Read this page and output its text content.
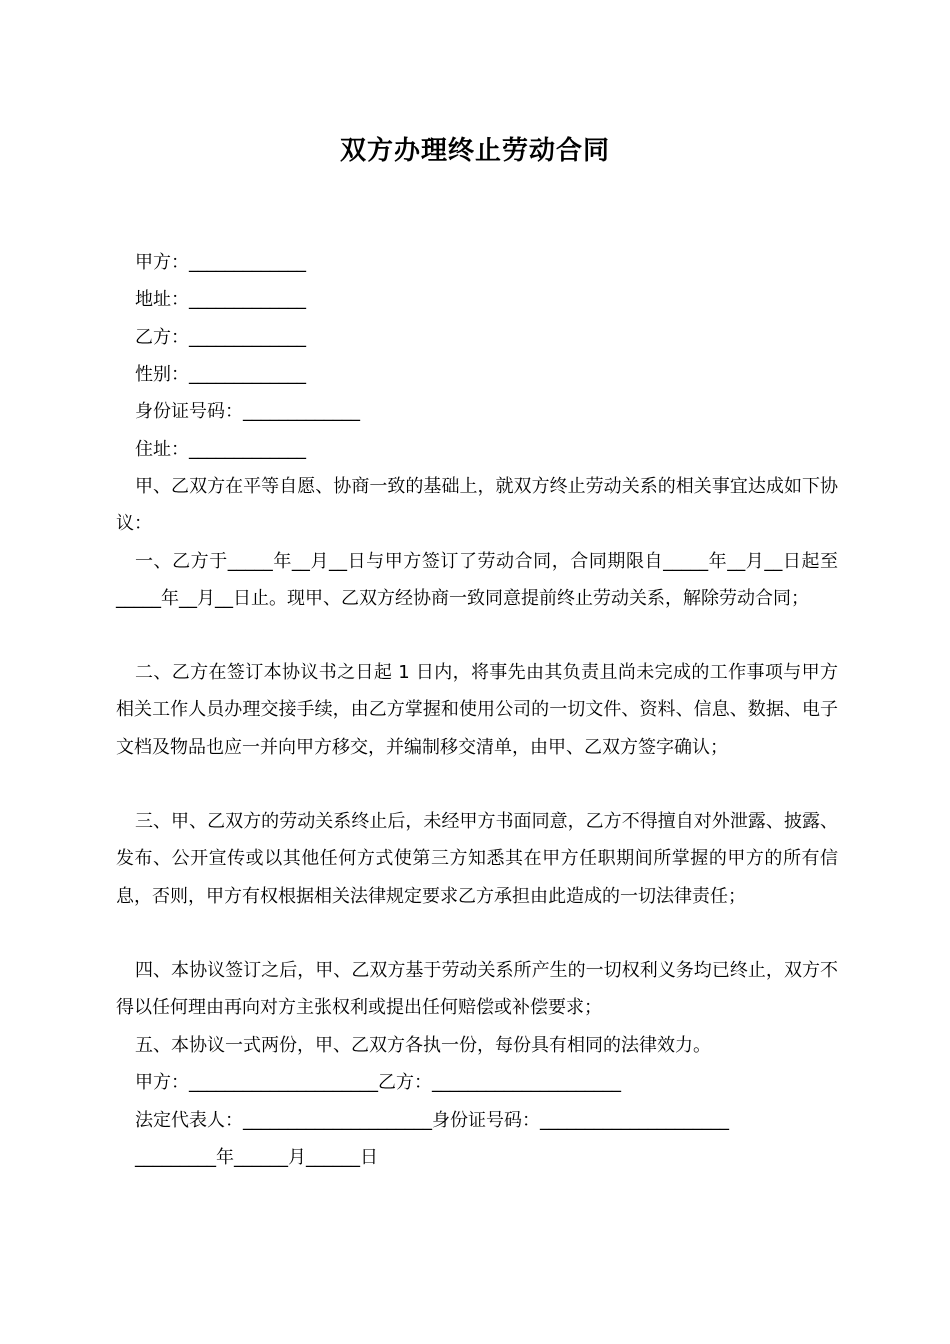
双方办理终止劳动合同
甲方：_____________
地址：_____________
乙方：_____________
性别：_____________
身份证号码：_____________
住址：_____________
甲、乙双方在平等自愿、协商一致的基础上，就双方终止劳动关系的相关事宜达成如下协议：
一、乙方于_____年__月__日与甲方签订了劳动合同，合同期限自_____年__月__日起至_____年__月__日止。现甲、乙双方经协商一致同意提前终止劳动关系，解除劳动合同；
二、乙方在签订本协议书之日起 1 日内，将事先由其负责且尚未完成的工作事项与甲方相关工作人员办理交接手续，由乙方掌握和使用公司的一切文件、资料、信息、数据、电子文档及物品也应一并向甲方移交，并编制移交清单，由甲、乙双方签字确认；
三、甲、乙双方的劳动关系终止后，未经甲方书面同意，乙方不得擅自对外泄露、披露、发布、公开宣传或以其他任何方式使第三方知悉其在甲方任职期间所掌握的甲方的所有信息，否则，甲方有权根据相关法律规定要求乙方承担由此造成的一切法律责任；
四、本协议签订之后，甲、乙双方基于劳动关系所产生的一切权利义务均已终止，双方不得以任何理由再向对方主张权利或提出任何赔偿或补偿要求；
五、本协议一式两份，甲、乙双方各执一份，每份具有相同的法律效力。
甲方：_____________________乙方：_____________________
法定代表人：_____________________身份证号码：_____________________
_________年______月______日
